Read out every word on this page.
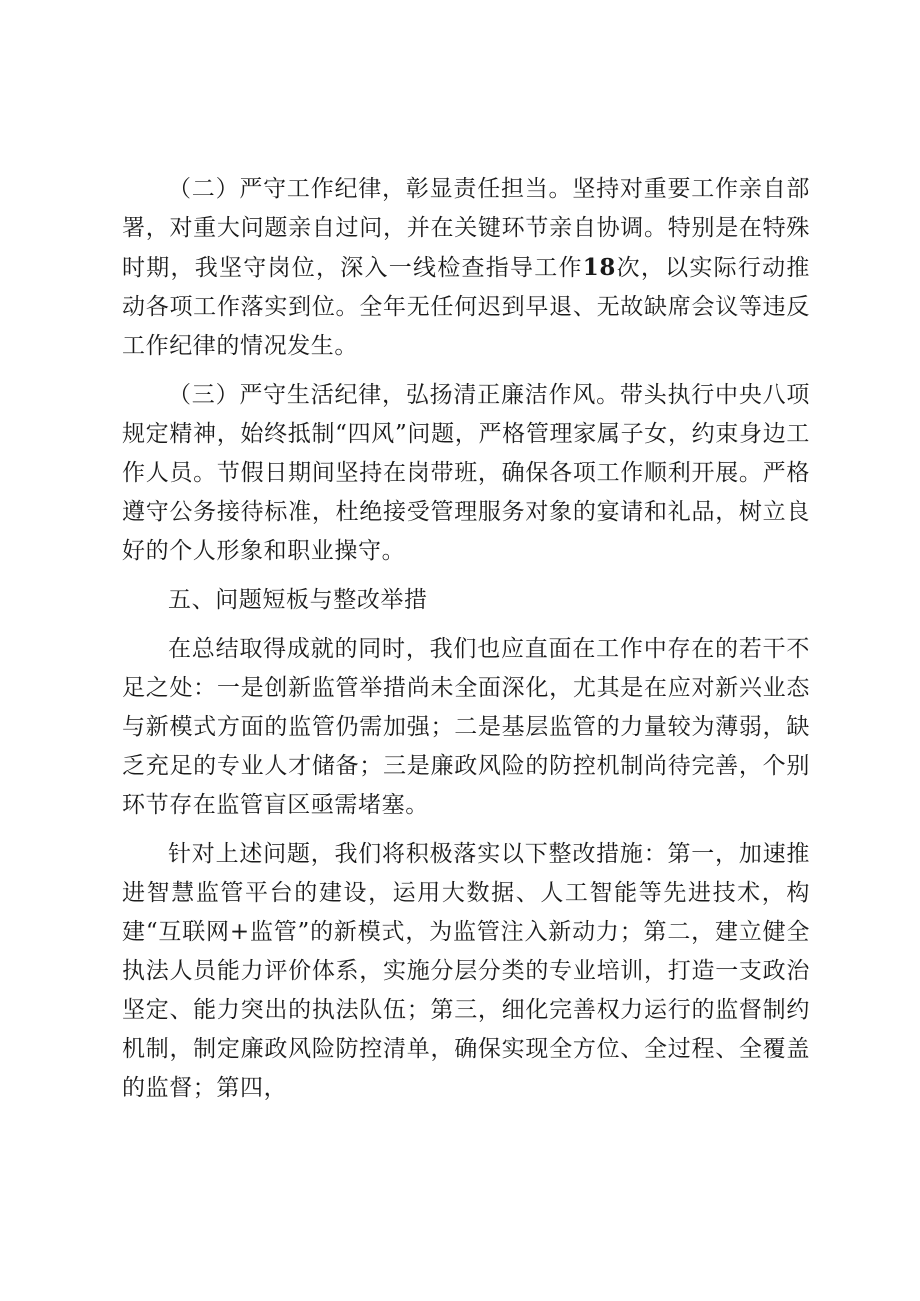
（二）严守工作纪律，彰显责任担当。坚持对重要工作亲自部署，对重大问题亲自过问，并在关键环节亲自协调。特别是在特殊时期，我坚守岗位，深入一线检查指导工作18次，以实际行动推动各项工作落实到位。全年无任何迟到早退、无故缺席会议等违反工作纪律的情况发生。

（三）严守生活纪律，弘扬清正廉洁作风。带头执行中央八项规定精神，始终抵制“四风”问题，严格管理家属子女，约束身边工作人员。节假日期间坚持在岗带班，确保各项工作顺利开展。严格遵守公务接待标准，杜绝接受管理服务对象的宴请和礼品，树立良好的个人形象和职业操守。

五、问题短板与整改举措

在总结取得成就的同时，我们也应直面在工作中存在的若干不足之处：一是创新监管举措尚未全面深化，尤其是在应对新兴业态与新模式方面的监管仍需加强；二是基层监管的力量较为薄弱，缺乏充足的专业人才储备；三是廉政风险的防控机制尚待完善，个别环节存在监管盲区亟需堵塞。

针对上述问题，我们将积极落实以下整改措施：第一，加速推进智慧监管平台的建设，运用大数据、人工智能等先进技术，构建“互联网+监管”的新模式，为监管注入新动力；第二，建立健全执法人员能力评价体系，实施分层分类的专业培训，打造一支政治坚定、能力突出的执法队伍；第三，细化完善权力运行的监督制约机制，制定廉政风险防控清单，确保实现全方位、全过程、全覆盖的监督；第四，
